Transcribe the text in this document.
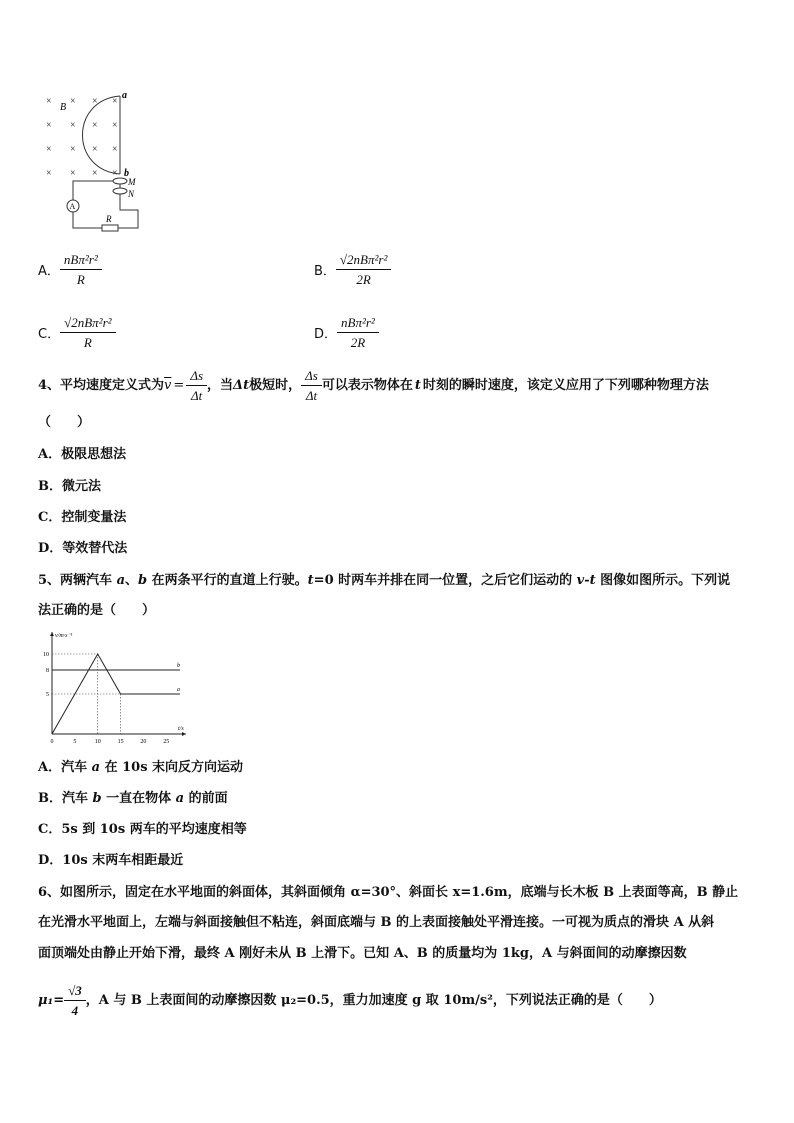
× × × ×
× × × ×
× × × ×
× × × ×
B
a
b
M
N
A
R
A． $\frac{\text{nBπ²r²}}{R}$	B． $\frac{\text{√2nBπ²r²}}{2R}$
C． $\frac{\text{√2nBπ²r²}}{R}$	D． $\frac{\text{nBπ²r²}}{2R}$
4、平均速度定义式为 $\overline{v} = \frac{\Delta s}{\Delta t}$ ，当 Δt 极短时， $\frac{\Delta s}{\Delta t}$ 可以表示物体在 t 时刻的瞬时速度，该定义应用了下列哪种物理方法
（　　）
A．极限思想法
B．微元法
C．控制变量法
D．等效替代法
5、两辆汽车 a、b 在两条平行的直道上行驶。t=0 时两车并排在同一位置，之后它们运动的 v-t 图像如图所示。下列说
法正确的是（　　）
v/m·s⁻¹
t/s
0	5	10	15	20	25
5
8
10
b
a
A．汽车 a 在 10s 末向反方向运动
B．汽车 b 一直在物体 a 的前面
C．5s 到 10s 两车的平均速度相等
D．10s 末两车相距最近
6、如图所示，固定在水平地面的斜面体，其斜面倾角 α=30°、斜面长 x=1.6m，底端与长木板 B 上表面等高，B 静止
在光滑水平地面上，左端与斜面接触但不粘连，斜面底端与 B 的上表面接触处平滑连接。一可视为质点的滑块 A 从斜
面顶端处由静止开始下滑，最终 A 刚好未从 B 上滑下。已知 A、B 的质量均为 1kg，A 与斜面间的动摩擦因数
$\mu_1= \frac{√3}{4}$ ，A 与 B 上表面间的动摩擦因数 μ₂=0.5，重力加速度 g 取 10m/s²，下列说法正确的是（　　）
